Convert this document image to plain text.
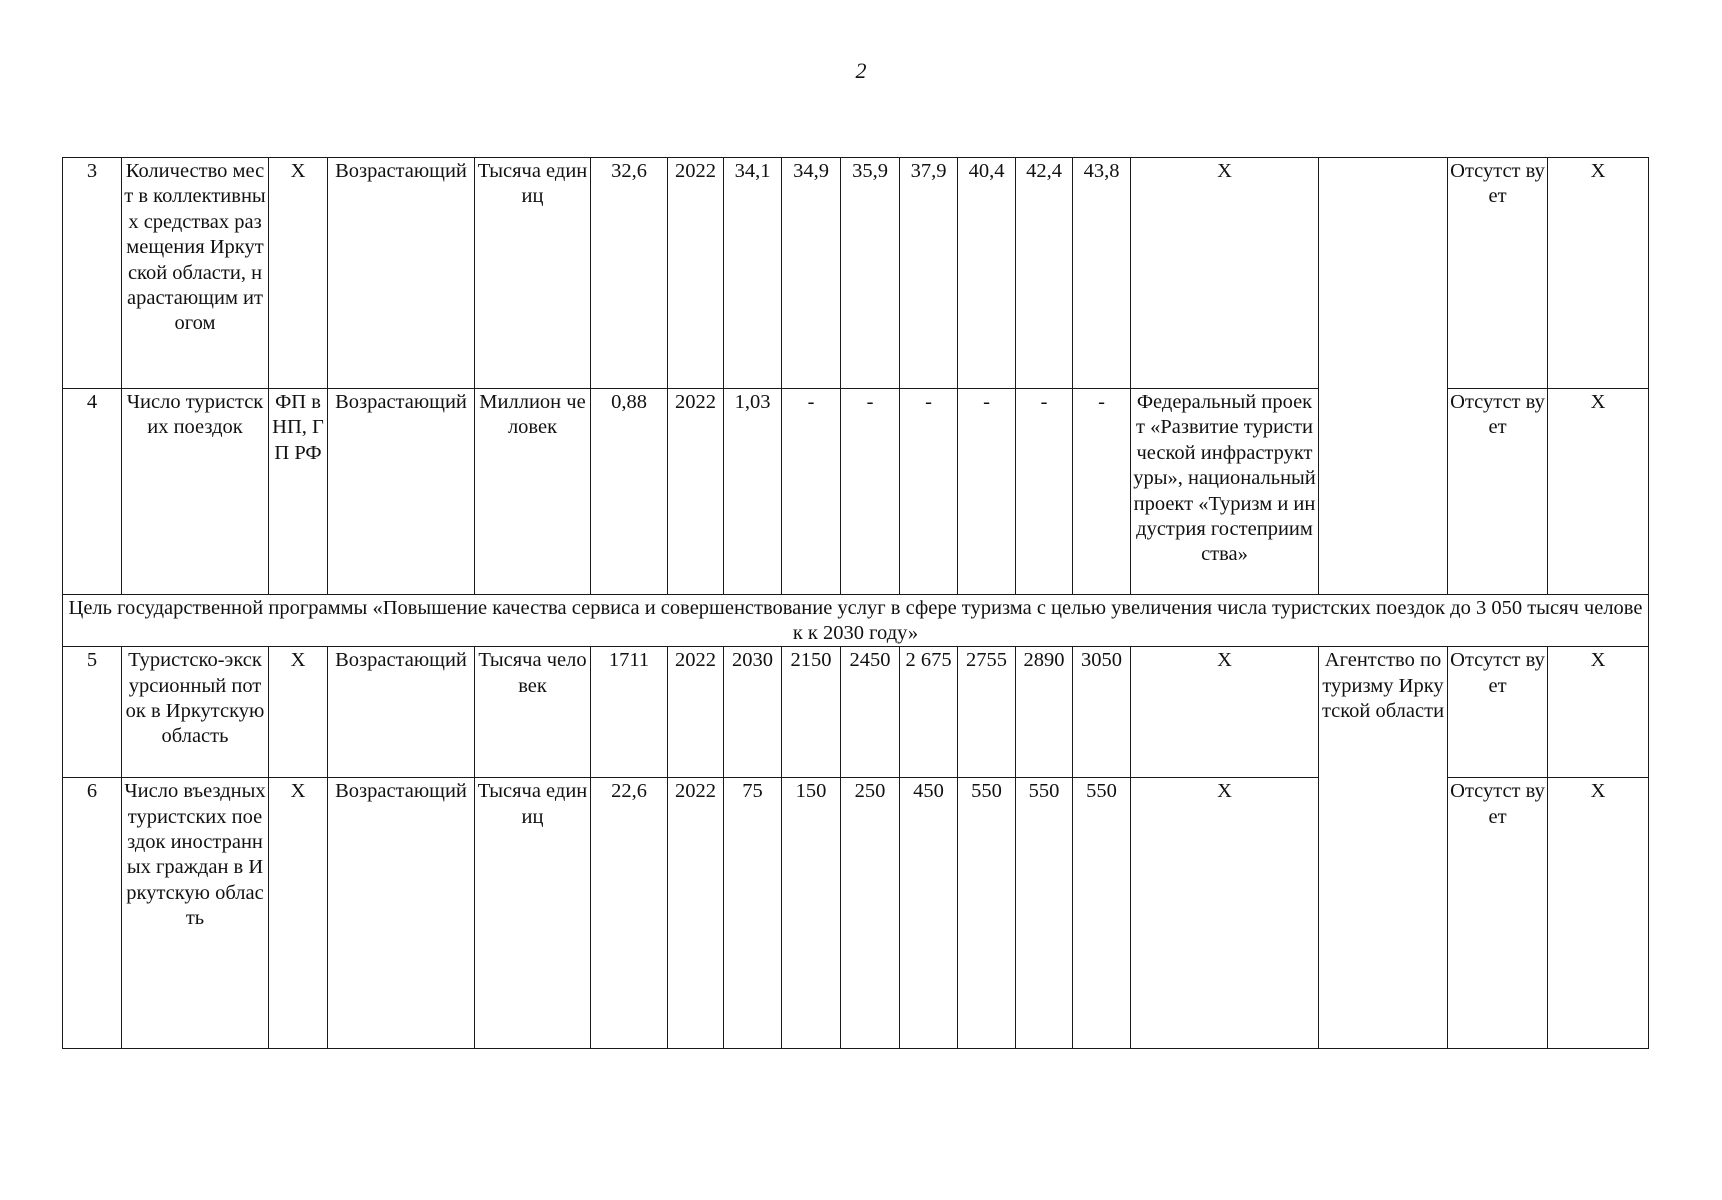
2
3	Количество мест в коллективных средствах размещения Иркутской области, нарастающим итогом	Х	Возрастающий	Тысяча единиц	32,6	2022	34,1	34,9	35,9	37,9	40,4	42,4	43,8	Х		Отсутст вует	Х
4	Число туристских поездок	ФП в НП, ГП РФ	Возрастающий	Миллион человек	0,88	2022	1,03	-	-	-	-	-	-	Федеральный проект «Развитие туристической инфраструктуры», национальный проект «Туризм и индустрия гостеприимства»		Отсутст вует	Х
Цель государственной программы «Повышение качества сервиса и совершенствование услуг в сфере туризма с целью увеличения числа туристских поездок до 3 050 тысяч человек к 2030 году»																	
5	Туристско-экскурсионный поток в Иркутскую область	Х	Возрастающий	Тысяча человек	1711	2022	2030	2150	2450	2 675	2755	2890	3050	Х	Агентство по туризму Иркутской области	Отсутст вует	Х
6	Число въездных туристских поездок иностранных граждан в Иркутскую область	Х	Возрастающий	Тысяча единиц	22,6	2022	75	150	250	450	550	550	550	Х		Отсутст вует	Х
